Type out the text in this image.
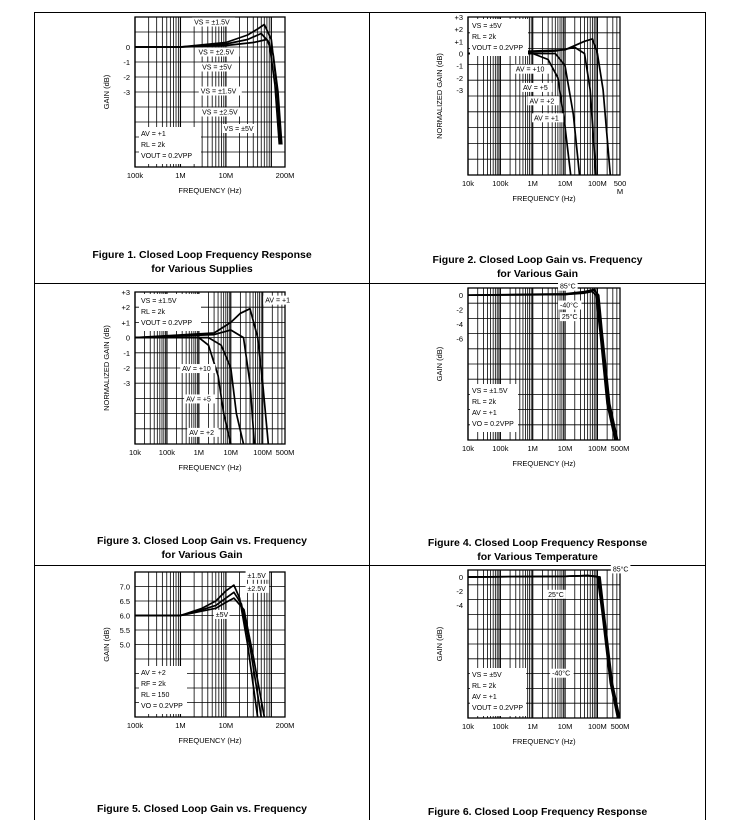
0
-1
-2
-3
100k	1M	10M	200M
FREQUENCY (Hz)
GAIN (dB)
AV = +1
RL = 2k
VOUT = 0.2VPP
VS = ±1.5V
VS = ±2.5V
VS = ±5V
VS = ±1.5V
VS = ±2.5V
VS = ±5V
Figure 1. Closed Loop Frequency Response
for Various Supplies
+3
+2
+1
0
-1
-2
-3
10k 100k	1M	10M 100M 500
M
FREQUENCY (Hz)
NORMALIZED GAIN (dB)
VS = ±5V
RL = 2k
VOUT = 0.2VPP
AV = +10
AV = +5
AV = +2
AV = +1
Figure 2. Closed Loop Gain vs. Frequency
for Various Gain
+3
+2
+1
0
-1
-2
-3
10k 100k 1M	10M 100M 500M
FREQUENCY (Hz)
NORMALIZED GAIN (dB)
VS = ±1.5V
RL = 2k
VOUT = 0.2VPP
AV = +1
AV = +10
AV = +5
AV = +2
Figure 3. Closed Loop Gain vs. Frequency
for Various Gain
0
-2
-4
-6
10k 100k	1M	10M 100M 500M
FREQUENCY (Hz)
GAIN (dB)
VS = ±1.5V
RL = 2k
AV = +1
VO = 0.2VPP
85°C
-40°C
25°C
Figure 4. Closed Loop Frequency Response
for Various Temperature
7.0
6.5
6.0
5.5
5.0
100k	1M	10M	200M
FREQUENCY (Hz)
GAIN (dB)
AV = +2
RF = 2k
RL = 150
VO = 0.2VPP
±1.5V
±2.5V
±5V
Figure 5. Closed Loop Gain vs. Frequency
0
-2
-4
10k 100k	1M	10M 100M 500M
FREQUENCY (Hz)
GAIN (dB)
VS = ±5V
RL = 2k
AV = +1
VOUT = 0.2VPP
85°C
25°C
-40°C
Figure 6. Closed Loop Frequency Response
